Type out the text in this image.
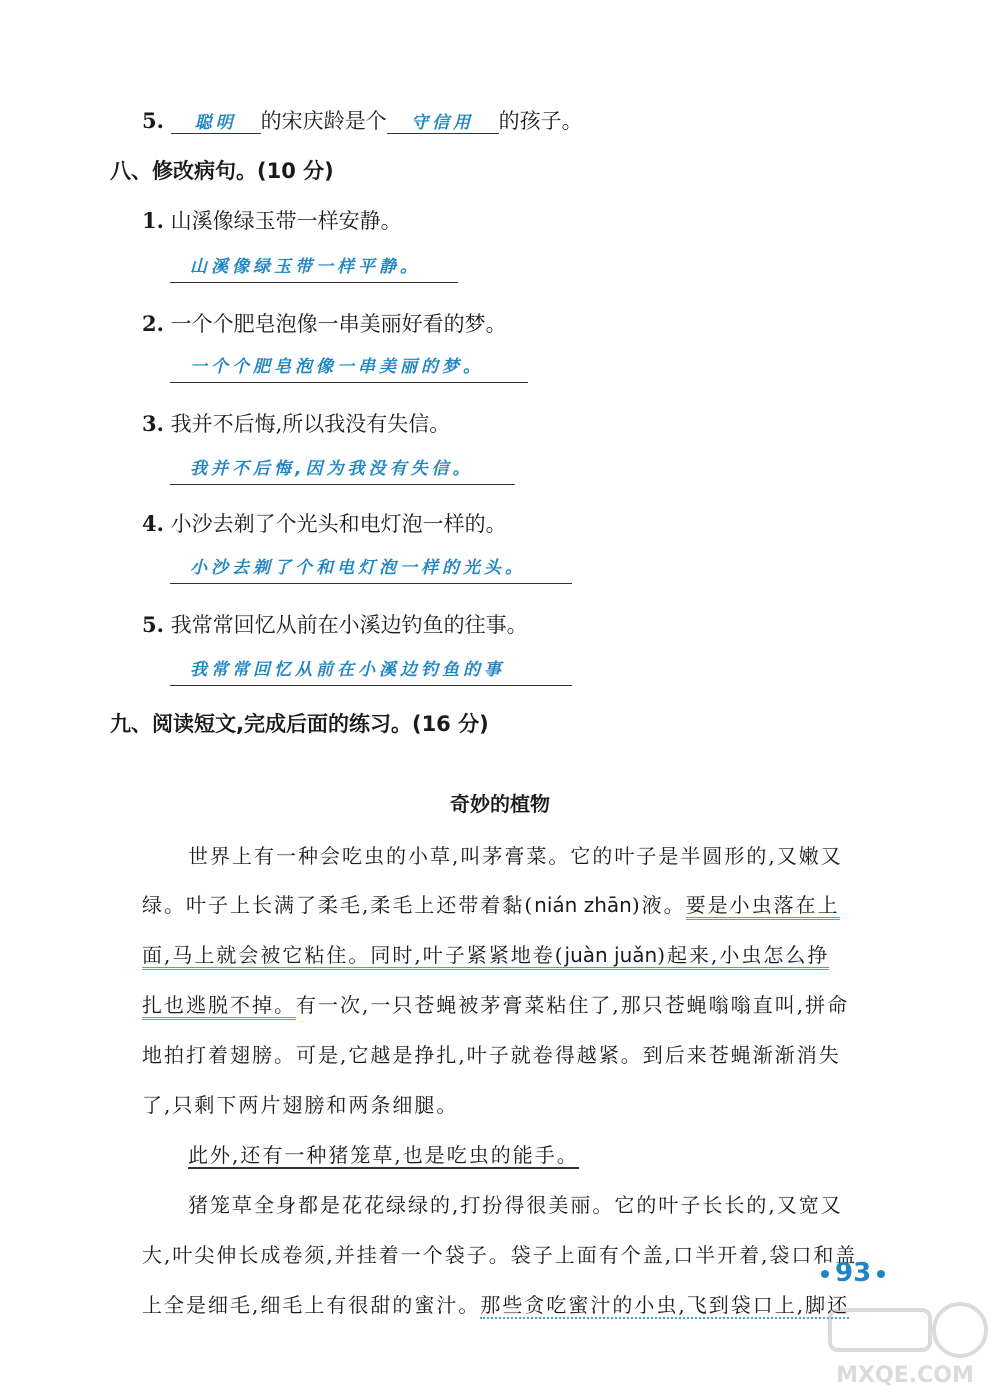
5. 聪明 的宋庆龄是个 守信用 的孩子。
八、修改病句。(10 分)
1. 山溪像绿玉带一样安静。
山溪像绿玉带一样平静。
2. 一个个肥皂泡像一串美丽好看的梦。
一个个肥皂泡像一串美丽的梦。
3. 我并不后悔,所以我没有失信。
我并不后悔,因为我没有失信。
4. 小沙去剃了个光头和电灯泡一样的。
小沙去剃了个和电灯泡一样的光头。
5. 我常常回忆从前在小溪边钓鱼的往事。
我常常回忆从前在小溪边钓鱼的事
九、阅读短文,完成后面的练习。(16 分)
奇妙的植物
世界上有一种会吃虫的小草,叫茅膏菜。它的叶子是半圆形的,又嫩又
绿。叶子上长满了柔毛,柔毛上还带着黏(nián zhān)液。要是小虫落在上
面,马上就会被它粘住。同时,叶子紧紧地卷(juàn juǎn)起来,小虫怎么挣
扎也逃脱不掉。有一次,一只苍蝇被茅膏菜粘住了,那只苍蝇嗡嗡直叫,拼命
地拍打着翅膀。可是,它越是挣扎,叶子就卷得越紧。到后来苍蝇渐渐消失
了,只剩下两片翅膀和两条细腿。
此外,还有一种猪笼草,也是吃虫的能手。
猪笼草全身都是花花绿绿的,打扮得很美丽。它的叶子长长的,又宽又
大,叶尖伸长成卷须,并挂着一个袋子。袋子上面有个盖,口半开着,袋口和盖
上全是细毛,细毛上有很甜的蜜汁。那些贪吃蜜汁的小虫,飞到袋口上,脚还
93
MXQE.COM
